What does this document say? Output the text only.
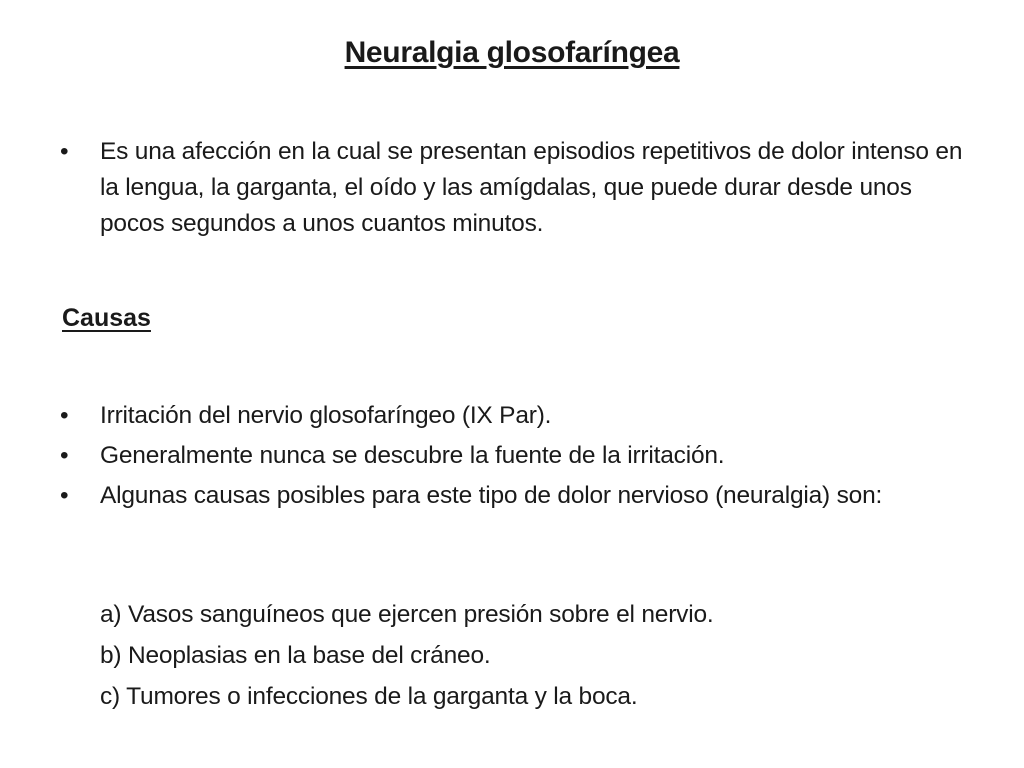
Neuralgia glosofaríngea
•	Es una afección en la cual se presentan episodios repetitivos de dolor intenso en la lengua, la garganta, el oído y las amígdalas, que puede durar desde unos pocos segundos a unos cuantos minutos.
Causas
•	Irritación del nervio glosofaríngeo (IX Par).
•	Generalmente nunca se descubre la fuente de la irritación.
•	Algunas causas posibles para este tipo de dolor nervioso (neuralgia) son:
a) Vasos sanguíneos que ejercen presión sobre el nervio.
b) Neoplasias en la base del cráneo.
c) Tumores o infecciones de la garganta y la boca.
